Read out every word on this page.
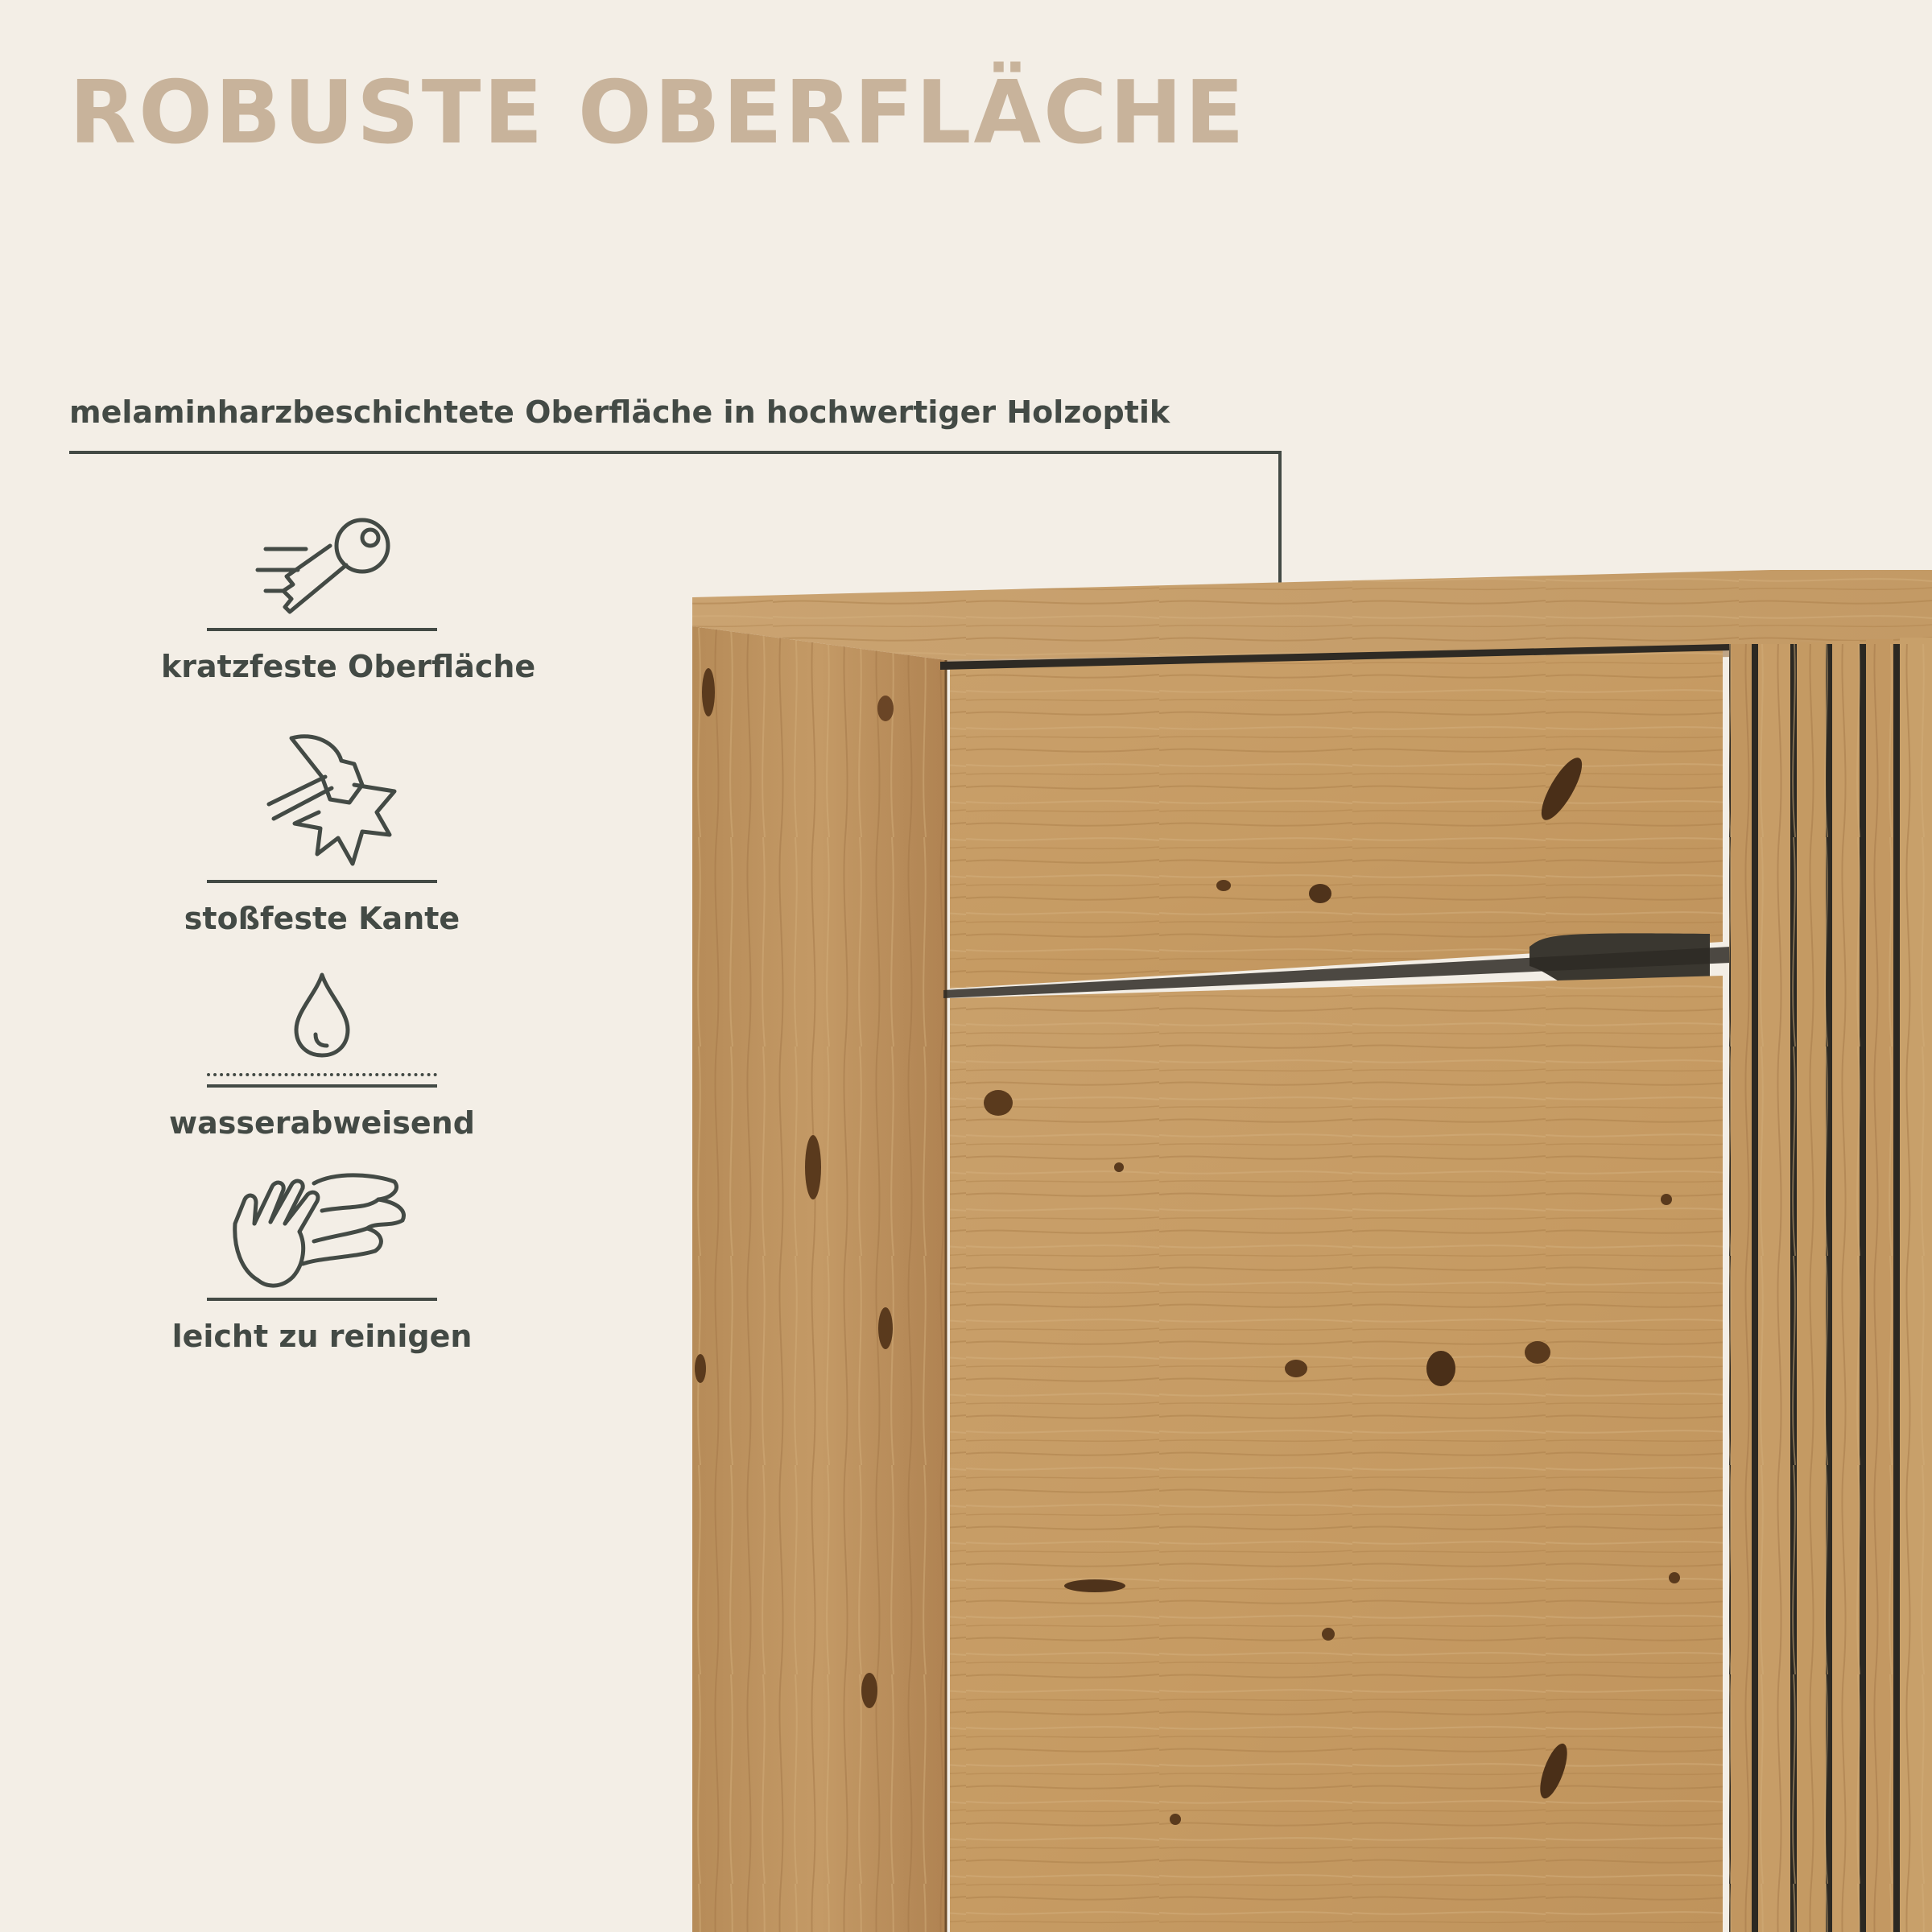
ROBUSTE OBERFLÄCHE
melaminharzbeschichtete Oberfläche in hochwertiger Holzoptik
kratzfeste Oberfläche
stoßfeste Kante
wasserabweisend
leicht zu reinigen
